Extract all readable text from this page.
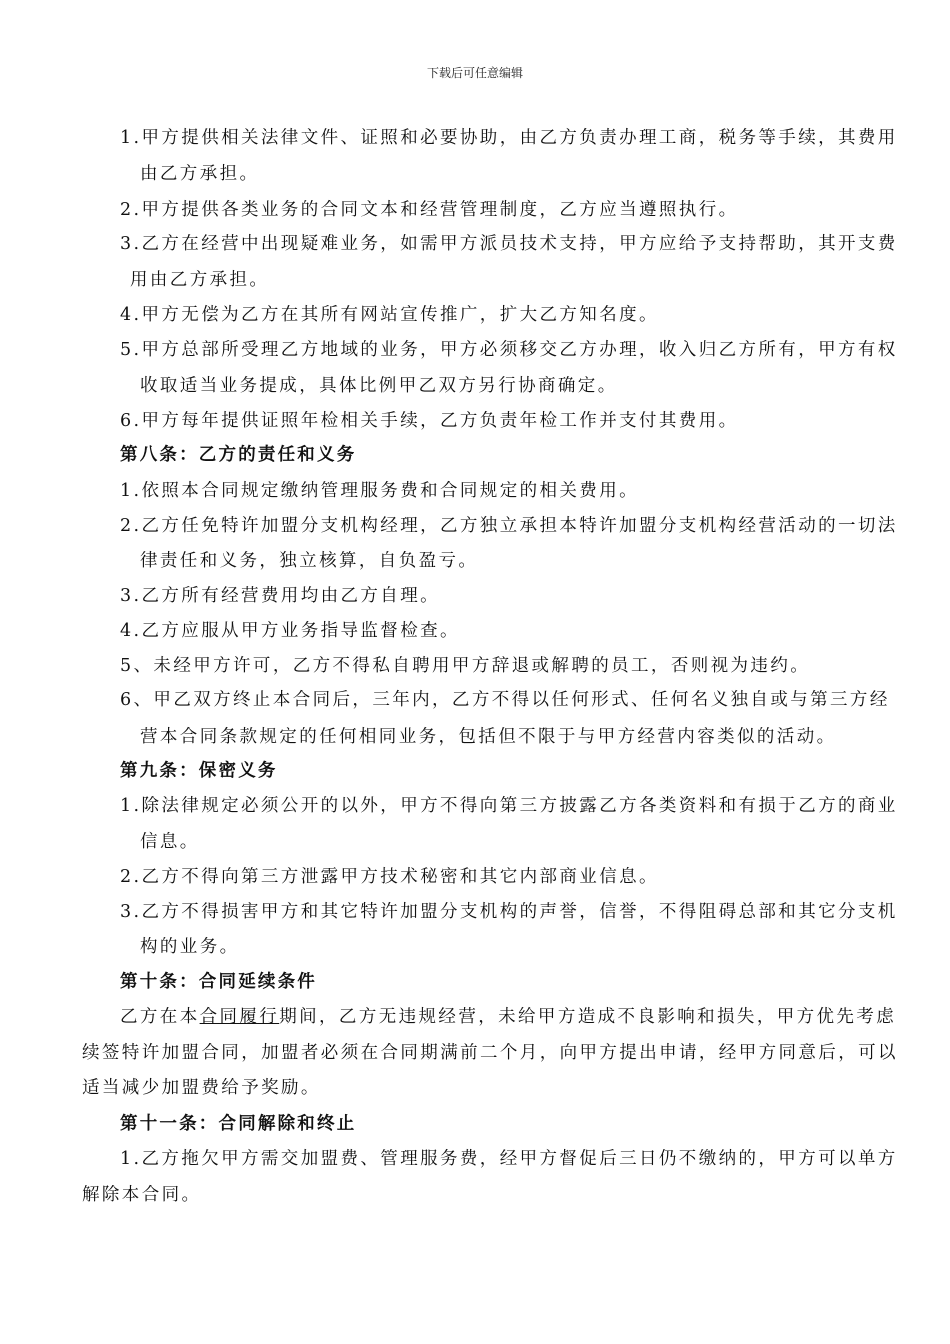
下载后可任意编辑
1.甲方提供相关法律文件、证照和必要协助，由乙方负责办理工商，税务等手续，其费用
由乙方承担。
2.甲方提供各类业务的合同文本和经营管理制度，乙方应当遵照执行。
3.乙方在经营中出现疑难业务，如需甲方派员技术支持，甲方应给予支持帮助，其开支费
用由乙方承担。
4.甲方无偿为乙方在其所有网站宣传推广，扩大乙方知名度。
5.甲方总部所受理乙方地域的业务，甲方必须移交乙方办理，收入归乙方所有，甲方有权
收取适当业务提成，具体比例甲乙双方另行协商确定。
6.甲方每年提供证照年检相关手续，乙方负责年检工作并支付其费用。
第八条：乙方的责任和义务
1.依照本合同规定缴纳管理服务费和合同规定的相关费用。
2.乙方任免特许加盟分支机构经理，乙方独立承担本特许加盟分支机构经营活动的一切法
律责任和义务，独立核算，自负盈亏。
3.乙方所有经营费用均由乙方自理。
4.乙方应服从甲方业务指导监督检查。
5、未经甲方许可，乙方不得私自聘用甲方辞退或解聘的员工，否则视为违约。
6、甲乙双方终止本合同后，三年内，乙方不得以任何形式、任何名义独自或与第三方经
营本合同条款规定的任何相同业务，包括但不限于与甲方经营内容类似的活动。
第九条：保密义务
1.除法律规定必须公开的以外，甲方不得向第三方披露乙方各类资料和有损于乙方的商业
信息。
2.乙方不得向第三方泄露甲方技术秘密和其它内部商业信息。
3.乙方不得损害甲方和其它特许加盟分支机构的声誉，信誉，不得阻碍总部和其它分支机
构的业务。
第十条：合同延续条件
乙方在本合同履行期间，乙方无违规经营，未给甲方造成不良影响和损失，甲方优先考虑
续签特许加盟合同，加盟者必须在合同期满前二个月，向甲方提出申请，经甲方同意后，可以
适当减少加盟费给予奖励。
第十一条：合同解除和终止
1.乙方拖欠甲方需交加盟费、管理服务费，经甲方督促后三日仍不缴纳的，甲方可以单方
解除本合同。
